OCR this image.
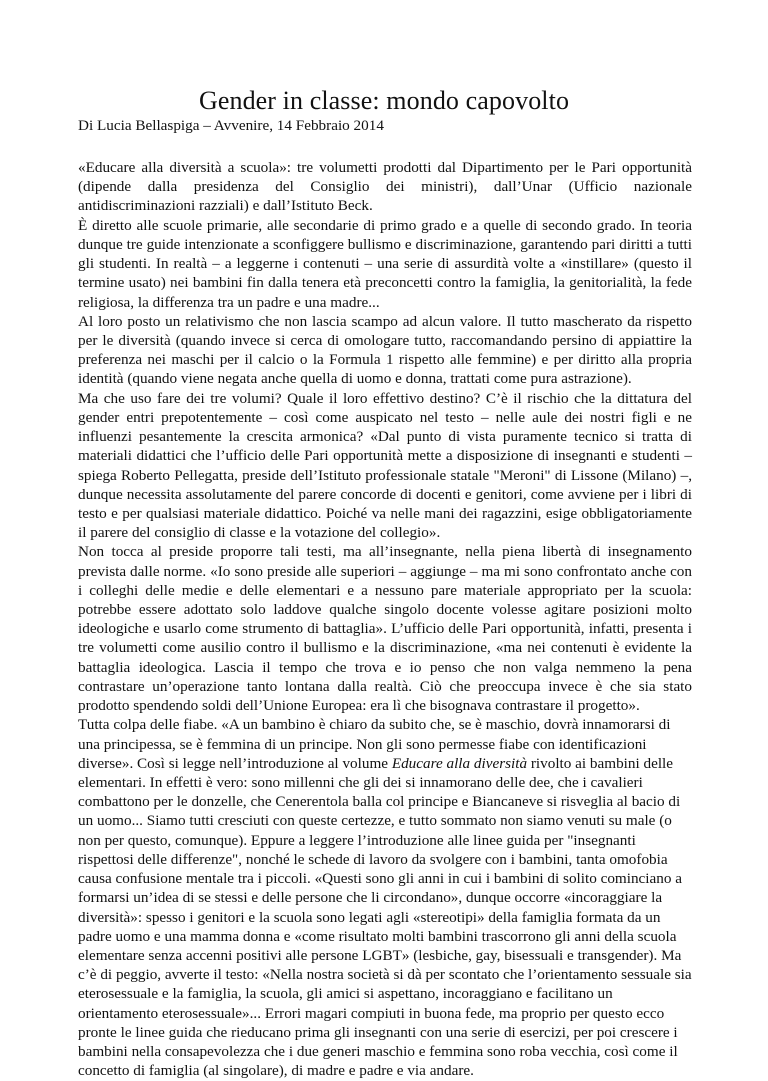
Gender in classe: mondo capovolto
Di Lucia Bellaspiga – Avvenire, 14 Febbraio 2014

«Educare alla diversità a scuola»: tre volumetti prodotti dal Dipartimento per le Pari opportunità (dipende dalla presidenza del Consiglio dei ministri), dall’Unar (Ufficio nazionale antidiscriminazioni razziali) e dall’Istituto Beck.

È diretto alle scuole primarie, alle secondarie di primo grado e a quelle di secondo grado. In teoria dunque tre guide intenzionate a sconfiggere bullismo e discriminazione, garantendo pari diritti a tutti gli studenti. In realtà – a leggerne i contenuti – una serie di assurdità volte a «instillare» (questo il termine usato) nei bambini fin dalla tenera età preconcetti contro la famiglia, la genitorialità, la fede religiosa, la differenza tra un padre e una madre...

Al loro posto un relativismo che non lascia scampo ad alcun valore. Il tutto mascherato da rispetto per le diversità (quando invece si cerca di omologare tutto, raccomandando persino di appiattire la preferenza nei maschi per il calcio o la Formula 1 rispetto alle femmine) e per diritto alla propria identità (quando viene negata anche quella di uomo e donna, trattati come pura astrazione).

Ma che uso fare dei tre volumi? Quale il loro effettivo destino? C’è il rischio che la dittatura del gender entri prepotentemente – così come auspicato nel testo – nelle aule dei nostri figli e ne influenzi pesantemente la crescita armonica? «Dal punto di vista puramente tecnico si tratta di materiali didattici che l’ufficio delle Pari opportunità mette a disposizione di insegnanti e studenti – spiega Roberto Pellegatta, preside dell’Istituto professionale statale "Meroni" di Lissone (Milano) –, dunque necessita assolutamente del parere concorde di docenti e genitori, come avviene per i libri di testo e per qualsiasi materiale didattico. Poiché va nelle mani dei ragazzini, esige obbligatoriamente il parere del consiglio di classe e la votazione del collegio».

Non tocca al preside proporre tali testi, ma all’insegnante, nella piena libertà di insegnamento prevista dalle norme. «Io sono preside alle superiori – aggiunge – ma mi sono confrontato anche con i colleghi delle medie e delle elementari e a nessuno pare materiale appropriato per la scuola: potrebbe essere adottato solo laddove qualche singolo docente volesse agitare posizioni molto ideologiche e usarlo come strumento di battaglia». L’ufficio delle Pari opportunità, infatti, presenta i tre volumetti come ausilio contro il bullismo e la discriminazione, «ma nei contenuti è evidente la battaglia ideologica. Lascia il tempo che trova e io penso che non valga nemmeno la pena contrastare un’operazione tanto lontana dalla realtà. Ciò che preoccupa invece è che sia stato prodotto spendendo soldi dell’Unione Europea: era lì che bisognava contrastare il progetto».

Tutta colpa delle fiabe. «A un bambino è chiaro da subito che, se è maschio, dovrà innamorarsi di una principessa, se è femmina di un principe. Non gli sono permesse fiabe con identificazioni diverse». Così si legge nell’introduzione al volume Educare alla diversità rivolto ai bambini delle elementari. In effetti è vero: sono millenni che gli dei si innamorano delle dee, che i cavalieri combattono per le donzelle, che Cenerentola balla col principe e Biancaneve si risveglia al bacio di un uomo... Siamo tutti cresciuti con queste certezze, e tutto sommato non siamo venuti su male (o non per questo, comunque). Eppure a leggere l’introduzione alle linee guida per "insegnanti rispettosi delle differenze", nonché le schede di lavoro da svolgere con i bambini, tanta omofobia causa confusione mentale tra i piccoli. «Questi sono gli anni in cui i bambini di solito cominciano a formarsi un’idea di se stessi e delle persone che li circondano», dunque occorre «incoraggiare la diversità»: spesso i genitori e la scuola sono legati agli «stereotipi» della famiglia formata da un padre uomo e una mamma donna e «come risultato molti bambini trascorrono gli anni della scuola elementare senza accenni positivi alle persone LGBT» (lesbiche, gay, bisessuali e transgender). Ma c’è di peggio, avverte il testo: «Nella nostra società si dà per scontato che l’orientamento sessuale sia eterosessuale e la famiglia, la scuola, gli amici si aspettano, incoraggiano e facilitano un orientamento eterosessuale»... Errori magari compiuti in buona fede, ma proprio per questo ecco pronte le linee guida che rieducano prima gli insegnanti con una serie di esercizi, per poi crescere i bambini nella consapevolezza che i due generi maschio e femmina sono roba vecchia, così come il concetto di famiglia (al singolare), di madre e padre e via andare.
